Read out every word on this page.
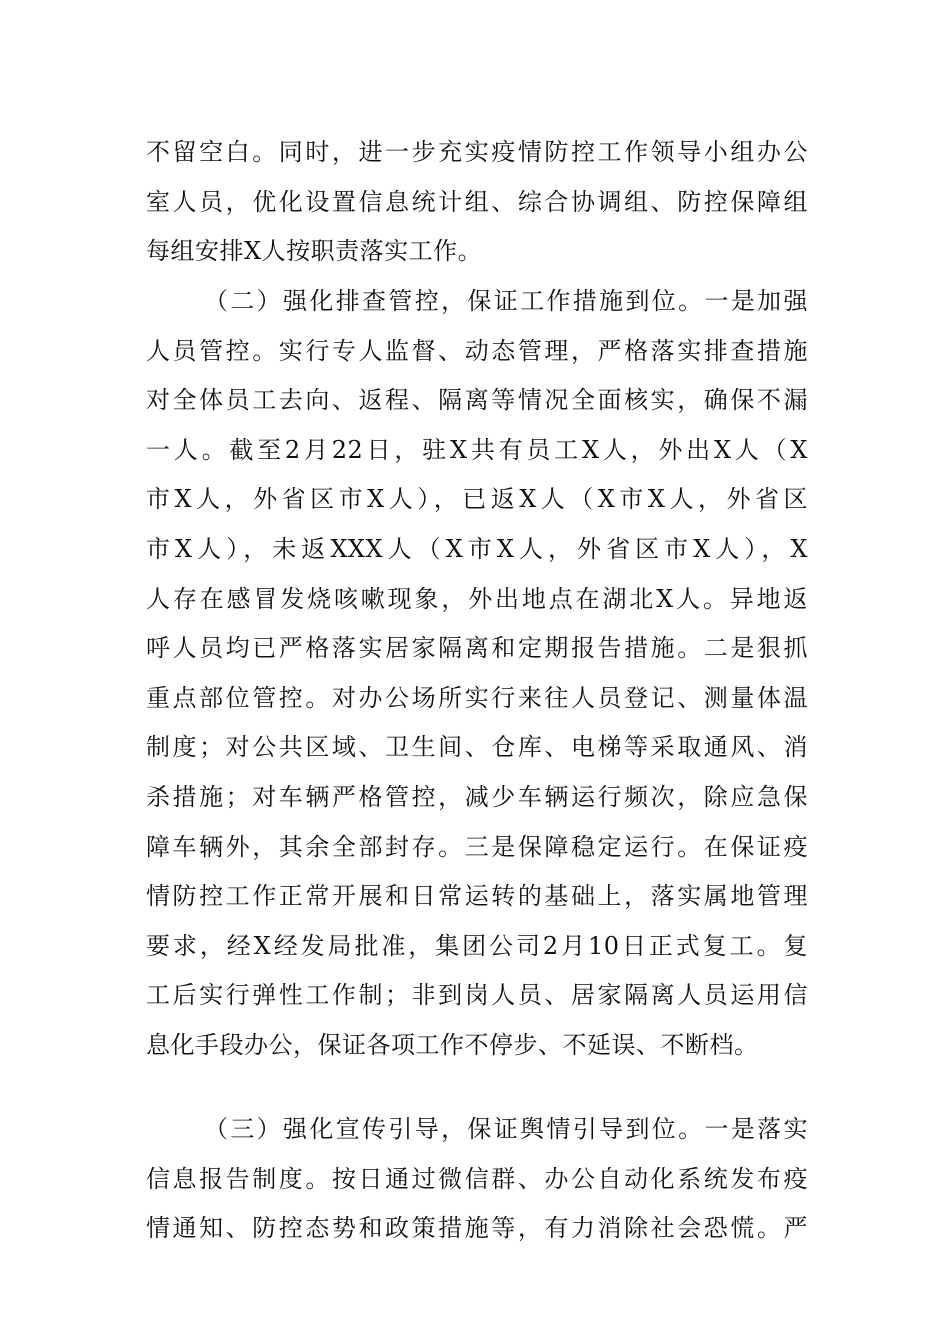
不留空白。同时，进一步充实疫情防控工作领导小组办公
室人员，优化设置信息统计组、综合协调组、防控保障组
每组安排X人按职责落实工作。
（二）强化排查管控，保证工作措施到位。一是加强
人员管控。实行专人监督、动态管理，严格落实排查措施
对全体员工去向、返程、隔离等情况全面核实，确保不漏
一人。截至2月22日，驻X共有员工X人，外出X人（X
市X人，外省区市X人），已返X人（X市X人，外省区
市X人），未返XXX人（X市X人，外省区市X人），X
人存在感冒发烧咳嗽现象，外出地点在湖北X人。异地返
呼人员均已严格落实居家隔离和定期报告措施。二是狠抓
重点部位管控。对办公场所实行来往人员登记、测量体温
制度；对公共区域、卫生间、仓库、电梯等采取通风、消
杀措施；对车辆严格管控，减少车辆运行频次，除应急保
障车辆外，其余全部封存。三是保障稳定运行。在保证疫
情防控工作正常开展和日常运转的基础上，落实属地管理
要求，经X经发局批准，集团公司2月10日正式复工。复
工后实行弹性工作制；非到岗人员、居家隔离人员运用信
息化手段办公，保证各项工作不停步、不延误、不断档。
（三）强化宣传引导，保证舆情引导到位。一是落实
信息报告制度。按日通过微信群、办公自动化系统发布疫
情通知、防控态势和政策措施等，有力消除社会恐慌。严
